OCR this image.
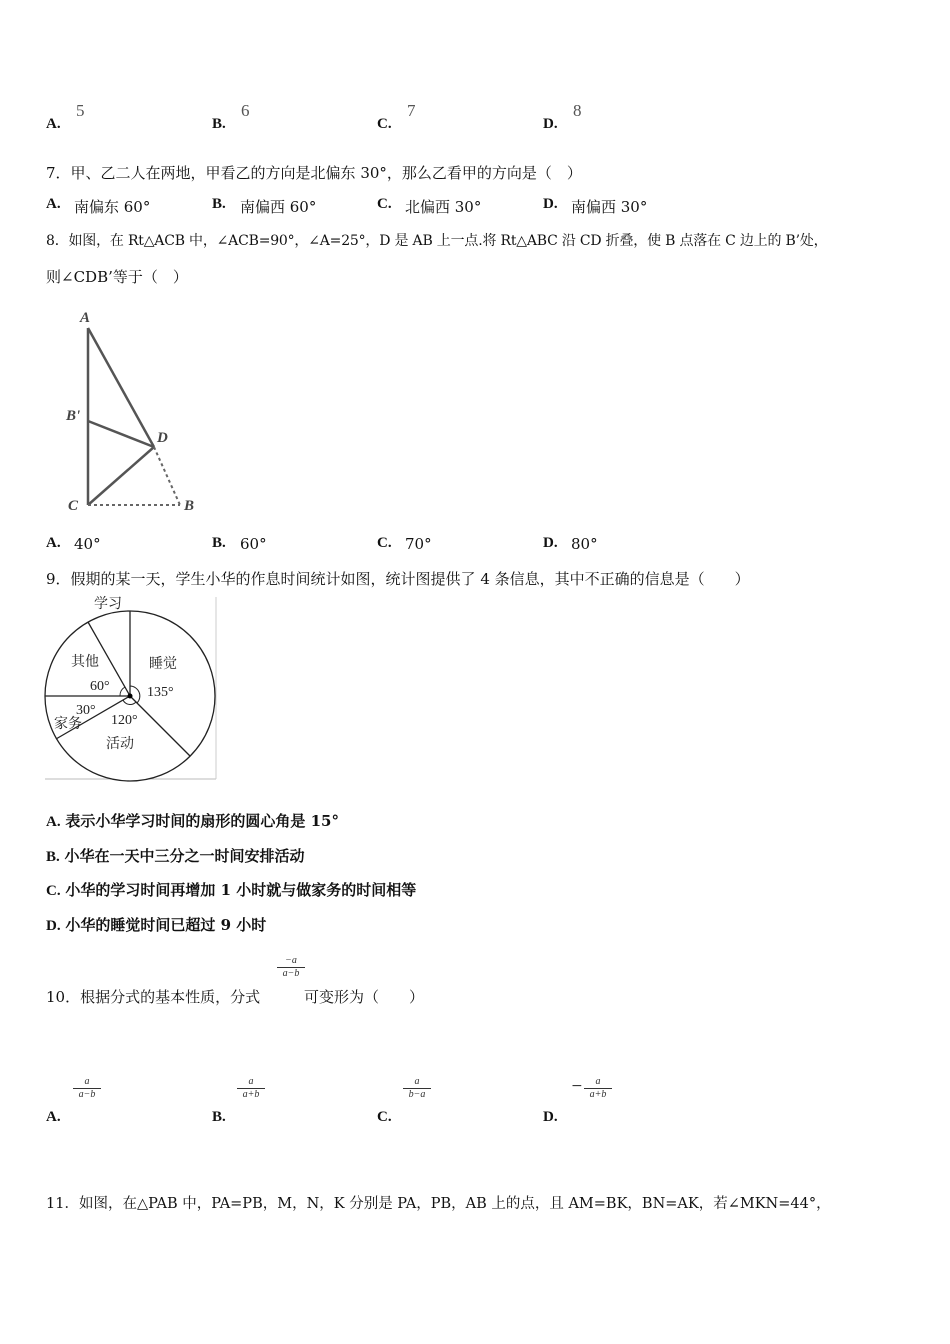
A.
5
B.
6
C.
7
D.
8
7．甲、乙二人在两地，甲看乙的方向是北偏东 30°，那么乙看甲的方向是（　）
A. 南偏东 60°	B. 南偏西 60°	C. 北偏西 30°	D. 南偏西 30°
8．如图，在 Rt△ACB 中，∠ACB=90°，∠A=25°，D 是 AB 上一点.将 Rt△ABC 沿 CD 折叠，使 B 点落在 C 边上的 B’处，
则∠CDB’等于（　）
A
B'
D
C	B
A. 40°	B. 60°	C. 70°	D. 80°
9．假期的某一天，学生小华的作息时间统计如图，统计图提供了 4 条信息，其中不正确的信息是（　　）
学习
其他	睡觉
135°
60°
30°
家务 120°
活动
A. 表示小华学习时间的扇形的圆心角是 15°
B. 小华在一天中三分之一时间安排活动
C. 小华的学习时间再增加 1 小时就与做家务的时间相等
D. 小华的睡觉时间已超过 9 小时
10．根据分式的基本性质，分式
$\frac{-a}{a-b}$
可变形为（　　）
A.
$\frac{a}{a-b}$
B.
$\frac{a}{a+b}$
C.
$\frac{a}{b-a}$
D.
− $\frac{a}{a+b}$
11．如图，在△PAB 中，PA=PB，M，N，K 分别是 PA，PB，AB 上的点，且 AM=BK，BN=AK，若∠MKN=44°，
